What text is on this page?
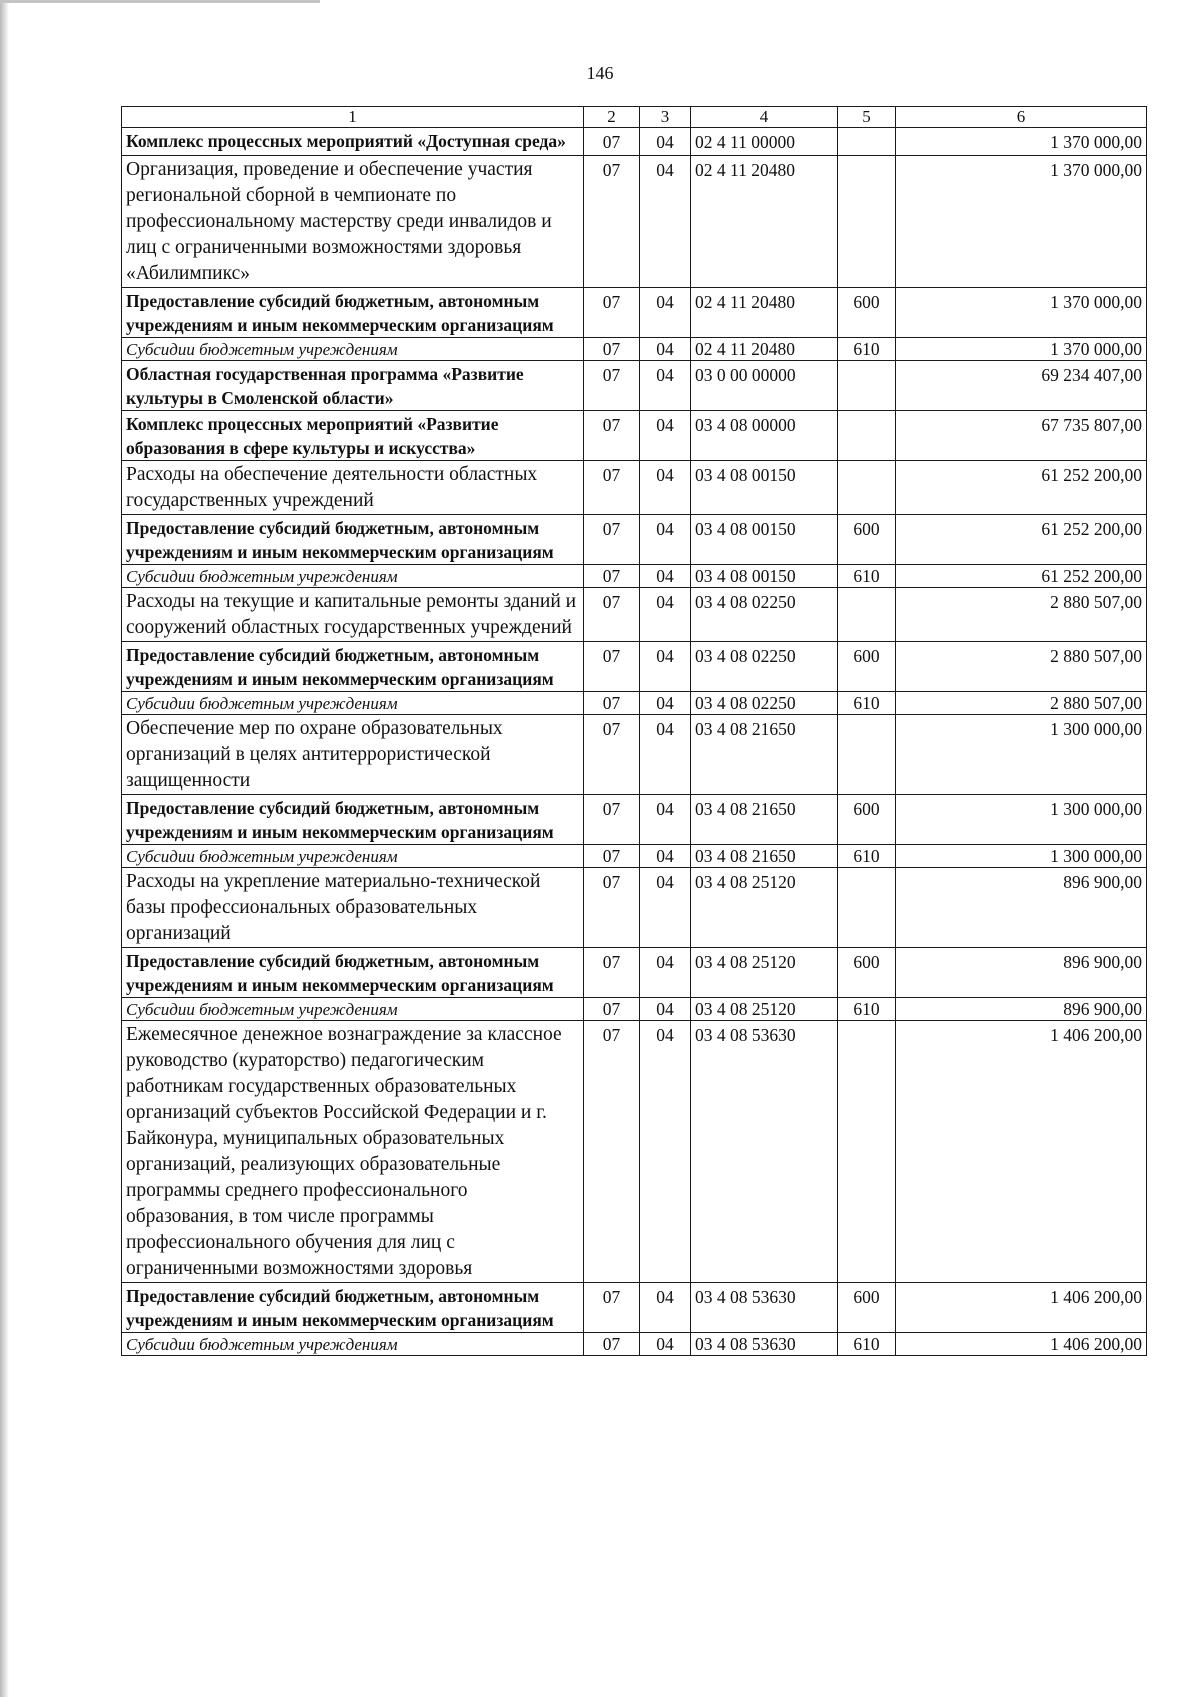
146
1	2	3	4	5	6
Комплекс процессных мероприятий «Доступная среда»	07	04	02 4 11 00000		1 370 000,00
Организация, проведение и обеспечение участия региональной сборной в чемпионате по профессиональному мастерству среди инвалидов и лиц с ограниченными возможностями здоровья «Абилимпикс»	07	04	02 4 11 20480		1 370 000,00
Предоставление субсидий бюджетным, автономным учреждениям и иным некоммерческим организациям	07	04	02 4 11 20480	600	1 370 000,00
Субсидии бюджетным учреждениям	07	04	02 4 11 20480	610	1 370 000,00
Областная государственная программа «Развитие культуры в Смоленской области»	07	04	03 0 00 00000		69 234 407,00
Комплекс процессных мероприятий «Развитие образования в сфере культуры и искусства»	07	04	03 4 08 00000		67 735 807,00
Расходы на обеспечение деятельности областных государственных учреждений	07	04	03 4 08 00150		61 252 200,00
Предоставление субсидий бюджетным, автономным учреждениям и иным некоммерческим организациям	07	04	03 4 08 00150	600	61 252 200,00
Субсидии бюджетным учреждениям	07	04	03 4 08 00150	610	61 252 200,00
Расходы на текущие и капитальные ремонты зданий и сооружений областных государственных учреждений	07	04	03 4 08 02250		2 880 507,00
Предоставление субсидий бюджетным, автономным учреждениям и иным некоммерческим организациям	07	04	03 4 08 02250	600	2 880 507,00
Субсидии бюджетным учреждениям	07	04	03 4 08 02250	610	2 880 507,00
Обеспечение мер по охране образовательных организаций в целях антитеррористической защищенности	07	04	03 4 08 21650		1 300 000,00
Предоставление субсидий бюджетным, автономным учреждениям и иным некоммерческим организациям	07	04	03 4 08 21650	600	1 300 000,00
Субсидии бюджетным учреждениям	07	04	03 4 08 21650	610	1 300 000,00
Расходы на укрепление материально-технической базы профессиональных образовательных организаций	07	04	03 4 08 25120		896 900,00
Предоставление субсидий бюджетным, автономным учреждениям и иным некоммерческим организациям	07	04	03 4 08 25120	600	896 900,00
Субсидии бюджетным учреждениям	07	04	03 4 08 25120	610	896 900,00
Ежемесячное денежное вознаграждение за классное руководство (кураторство) педагогическим работникам государственных образовательных организаций субъектов Российской Федерации и г. Байконура, муниципальных образовательных организаций, реализующих образовательные программы среднего профессионального образования, в том числе программы профессионального обучения для лиц с ограниченными возможностями здоровья	07	04	03 4 08 53630		1 406 200,00
Предоставление субсидий бюджетным, автономным учреждениям и иным некоммерческим организациям	07	04	03 4 08 53630	600	1 406 200,00
Субсидии бюджетным учреждениям	07	04	03 4 08 53630	610	1 406 200,00
